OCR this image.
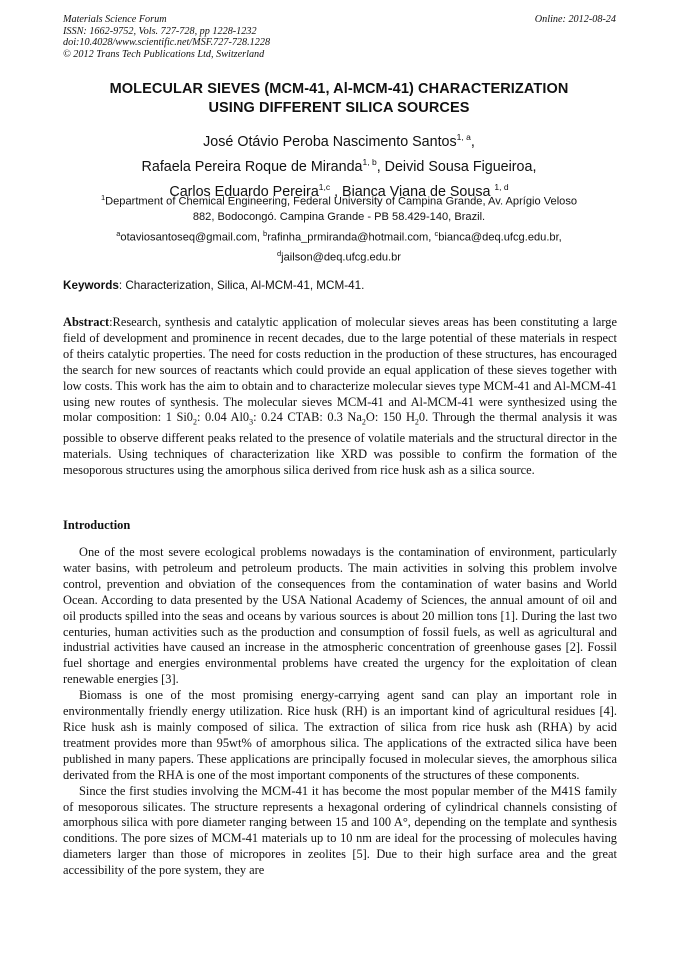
Materials Science Forum
ISSN: 1662-9752, Vols. 727-728, pp 1228-1232
doi:10.4028/www.scientific.net/MSF.727-728.1228
© 2012 Trans Tech Publications Ltd, Switzerland
Online: 2012-08-24
MOLECULAR SIEVES (MCM-41, Al-MCM-41) CHARACTERIZATION
USING DIFFERENT SILICA SOURCES
José Otávio Peroba Nascimento Santos$^{1, a}$,
Rafaela Pereira Roque de Miranda$^{1, b}$, Deivid Sousa Figueiroa,
Carlos Eduardo Pereira$^{1,c}$ , Bianca Viana de Sousa $^{1, d}$
$^1$Department of Chemical Engineering, Federal University of Campina Grande, Av. Aprígio Veloso
882, Bodocongó. Campina Grande - PB 58.429-140, Brazil.
$^a$otaviosantoseq@gmail.com, $^b$rafinha_prmiranda@hotmail.com, $^c$bianca@deq.ufcg.edu.br,
$^d$jailson@deq.ufcg.edu.br
Keywords: Characterization, Silica, Al-MCM-41, MCM-41.
Abstract:Research, synthesis and catalytic application of molecular sieves areas has been constituting a large field of development and prominence in recent decades, due to the large potential of these materials in respect of theirs catalytic properties. The need for costs reduction in the production of these structures, has encouraged the search for new sources of reactants which could provide an equal application of these sieves together with low costs. This work has the aim to obtain and to characterize molecular sieves type MCM-41 and Al-MCM-41 using new routes of synthesis. The molecular sieves MCM-41 and Al-MCM-41 were synthesized using the molar composition: 1 $Si0_2$: 0.04 $Al0_3$: 0.24 CTAB: 0.3 $Na_2O$: 150 $H_20$. Through the thermal analysis it was possible to observe different peaks related to the presence of volatile materials and the structural director in the materials. Using techniques of characterization like XRD was possible to confirm the formation of the mesoporous structures using the amorphous silica derived from rice husk ash as a silica source.
Introduction

One of the most severe ecological problems nowadays is the contamination of environment, particularly water basins, with petroleum and petroleum products. The main activities in solving this problem involve control, prevention and obviation of the consequences from the contamination of water basins and World Ocean. According to data presented by the USA National Academy of Sciences, the annual amount of oil and oil products spilled into the seas and oceans by various sources is about 20 million tons [1]. During the last two centuries, human activities such as the production and consumption of fossil fuels, as well as agricultural and industrial activities have caused an increase in the atmospheric concentration of greenhouse gases [2]. Fossil fuel shortage and energies environmental problems have created the urgency for the exploitation of clean renewable energies [3].

Biomass is one of the most promising energy-carrying agent sand can play an important role in environmentally friendly energy utilization. Rice husk (RH) is an important kind of agricultural residues [4]. Rice husk ash is mainly composed of silica. The extraction of silica from rice husk ash (RHA) by acid treatment provides more than 95wt% of amorphous silica. The applications of the extracted silica have been published in many papers. These applications are principally focused in molecular sieves, the amorphous silica derivated from the RHA is one of the most important components of the structures of these components.

Since the first studies involving the MCM-41 it has become the most popular member of the M41S family of mesoporous silicates. The structure represents a hexagonal ordering of cylindrical channels consisting of amorphous silica with pore diameter ranging between 15 and 100 A°, depending on the template and synthesis conditions. The pore sizes of MCM-41 materials up to 10 nm are ideal for the processing of molecules having diameters larger than those of micropores in zeolites [5]. Due to their high surface area and the great accessibility of the pore system, they are
